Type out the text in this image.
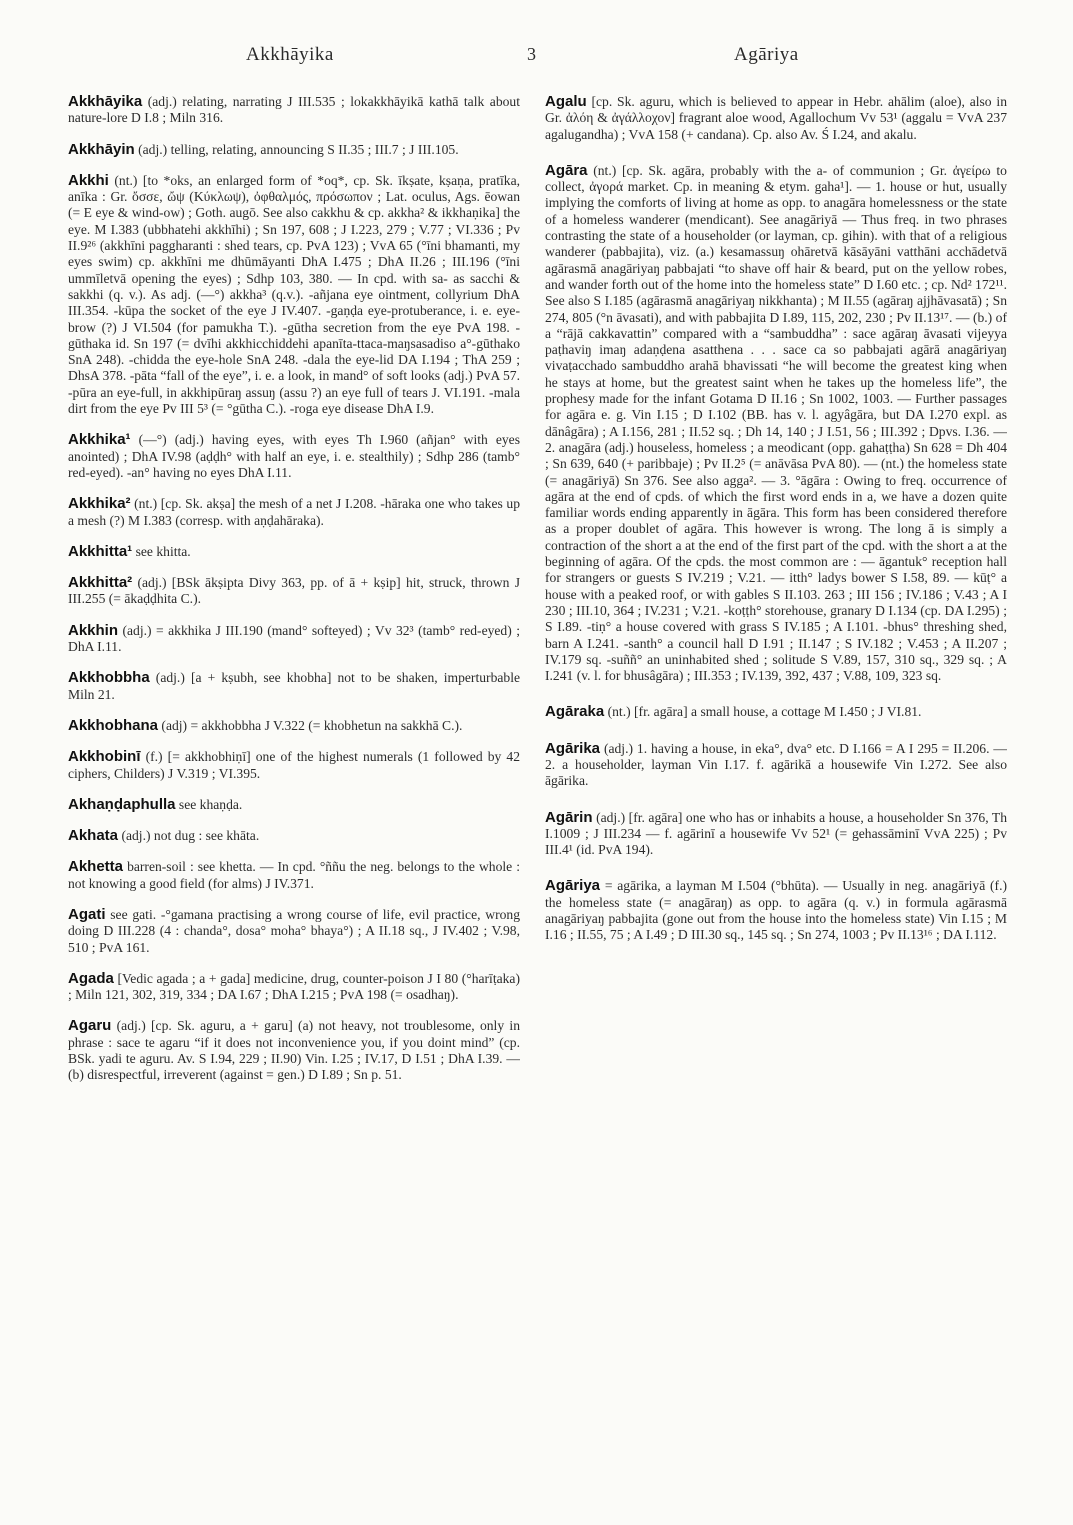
Akkhāyika	3	Agāriya

Akkhāyika (adj.) relating, narrating J III.535 ; lokakkhāyikā kathā talk about nature-lore D I.8 ; Miln 316.

Akkhāyin (adj.) telling, relating, announcing S II.35 ; III.7 ; J III.105.

Akkhi (nt.) [to *oks, an enlarged form of *oq*, cp. Sk. īkṣate, kṣaṇa, pratīka, anīka : Gr. ὄσσε, ὤψ (Κύκλωψ), ὀφθαλμός, πρόσωπον ; Lat. oculus, Ags. ēowan (= E eye & wind-ow) ; Goth. augō. See also cakkhu & cp. akkha² & ikkhaṇika] the eye. M I.383 (ubbhatehi akkhīhi) ; Sn 197, 608 ; J I.223, 279 ; V.77 ; VI.336 ; Pv II.9²⁶ (akkhīni paggharanti : shed tears, cp. PvA 123) ; VvA 65 (°īni bhamanti, my eyes swim) cp. akkhīni me dhūmāyanti DhA I.475 ; DhA II.26 ; III.196 (°īni ummīletvā opening the eyes) ; Sdhp 103, 380. — In cpd. with sa- as sacchi & sakkhi (q. v.). As adj. (—°) akkha³ (q.v.). -añjana eye ointment, collyrium DhA III.354. -kūpa the socket of the eye J IV.407. -gaṇḍa eye-protuberance, i. e. eye-brow (?) J VI.504 (for pamukha T.). -gūtha secretion from the eye PvA 198. -gūthaka id. Sn 197 (= dvīhi akkhicchiddehi apanīta-ttaca-maŋsasadiso a°-gūthako SnA 248). -chidda the eye-hole SnA 248. -dala the eye-lid DA I.194 ; ThA 259 ; DhsA 378. -pāta “fall of the eye”, i. e. a look, in mand° of soft looks (adj.) PvA 57. -pūra an eye-full, in akkhipūraŋ assuŋ (assu ?) an eye full of tears J. VI.191. -mala dirt from the eye Pv III 5³ (= °gūtha C.). -roga eye disease DhA I.9.

Akkhika¹ (—°) (adj.) having eyes, with eyes Th I.960 (añjan° with eyes anointed) ; DhA IV.98 (aḍḍh° with half an eye, i. e. stealthily) ; Sdhp 286 (tamb° red-eyed). -an° having no eyes DhA I.11.

Akkhika² (nt.) [cp. Sk. akṣa] the mesh of a net J I.208. -hāraka one who takes up a mesh (?) M I.383 (corresp. with aṇḍahāraka).

Akkhitta¹ see khitta.

Akkhitta² (adj.) [BSk ākṣipta Divy 363, pp. of ā + kṣip] hit, struck, thrown J III.255 (= ākaḍḍhita C.).

Akkhin (adj.) = akkhika J III.190 (mand° softeyed) ; Vv 32³ (tamb° red-eyed) ; DhA I.11.

Akkhobbha (adj.) [a + kṣubh, see khobha] not to be shaken, imperturbable Miln 21.

Akkhobhana (adj) = akkhobbha J V.322 (= khobhetun na sakkhā C.).

Akkhobinī (f.) [= akkhobhiṇī] one of the highest numerals (1 followed by 42 ciphers, Childers) J V.319 ; VI.395.

Akhaṇḍaphulla see khaṇḍa.

Akhata (adj.) not dug : see khāta.

Akhetta barren-soil : see khetta. — In cpd. °ññu the neg. belongs to the whole : not knowing a good field (for alms) J IV.371.

Agati see gati. -°gamana practising a wrong course of life, evil practice, wrong doing D III.228 (4 : chanda°, dosa° moha° bhaya°) ; A II.18 sq., J IV.402 ; V.98, 510 ; PvA 161.

Agada [Vedic agada ; a + gada] medicine, drug, counter-poison J I 80 (°harīṭaka) ; Miln 121, 302, 319, 334 ; DA I.67 ; DhA I.215 ; PvA 198 (= osadhaŋ).

Agaru (adj.) [cp. Sk. aguru, a + garu] (a) not heavy, not troublesome, only in phrase : sace te agaru “if it does not inconvenience you, if you doint mind” (cp. BSk. yadi te aguru. Av. S I.94, 229 ; II.90) Vin. I.25 ; IV.17, D I.51 ; DhA I.39. — (b) disrespectful, irreverent (against = gen.) D I.89 ; Sn p. 51.

Agalu [cp. Sk. aguru, which is believed to appear in Hebr. ahālim (aloe), also in Gr. ἀλόη & ἀγάλλοχον] fragrant aloe wood, Agallochum Vv 53¹ (aggalu = VvA 237 agalugandha) ; VvA 158 (+ candana). Cp. also Av. Ś I.24, and akalu.

Agāra (nt.) [cp. Sk. agāra, probably with the a- of communion ; Gr. ἀγείρω to collect, ἀγορά market. Cp. in meaning & etym. gaha¹]. — 1. house or hut, usually implying the comforts of living at home as opp. to anagāra homelessness or the state of a homeless wanderer (mendicant). See anagāriyā — Thus freq. in two phrases contrasting the state of a householder (or layman, cp. gihin). with that of a religious wanderer (pabbajita), viz. (a.) kesamassuŋ ohāretvā kāsāyāni vatthāni acchādetvā agārasmā anagāriyaŋ pabbajati “to shave off hair & beard, put on the yellow robes, and wander forth out of the home into the homeless state” D I.60 etc. ; cp. Nd² 172¹¹. See also S I.185 (agārasmā anagāriyaŋ nikkhanta) ; M II.55 (agāraŋ ajjhāvasatā) ; Sn 274, 805 (°n āvasati), and with pabbajita D I.89, 115, 202, 230 ; Pv II.13¹⁷. — (b.) of a “rājā cakkavattin” compared with a “sambuddha” : sace agāraŋ āvasati vijeyya paṭhaviŋ imaŋ adaṇḍena asatthena . . . sace ca so pabbajati agārā anagāriyaŋ vivaṭacchado sambuddho arahā bhavissati “he will become the greatest king when he stays at home, but the greatest saint when he takes up the homeless life”, the prophesy made for the infant Gotama D II.16 ; Sn 1002, 1003. — Further passages for agāra e. g. Vin I.15 ; D I.102 (BB. has v. l. agyâgāra, but DA I.270 expl. as dānâgāra) ; A I.156, 281 ; II.52 sq. ; Dh 14, 140 ; J I.51, 56 ; III.392 ; Dpvs. I.36. — 2. anagāra (adj.) houseless, homeless ; a meodicant (opp. gahaṭṭha) Sn 628 = Dh 404 ; Sn 639, 640 (+ paribbaje) ; Pv II.2⁵ (= anāvāsa PvA 80). — (nt.) the homeless state (= anagāriyā) Sn 376. See also agga². — 3. °āgāra : Owing to freq. occurrence of agāra at the end of cpds. of which the first word ends in a, we have a dozen quite familiar words ending apparently in āgāra. This form has been considered therefore as a proper doublet of agāra. This however is wrong. The long ā is simply a contraction of the short a at the end of the first part of the cpd. with the short a at the beginning of agāra. Of the cpds. the most common are : — āgantuk° reception hall for strangers or guests S IV.219 ; V.21. — itth° ladys bower S I.58, 89. — kūṭ° a house with a peaked roof, or with gables S II.103. 263 ; III 156 ; IV.186 ; V.43 ; A I 230 ; III.10, 364 ; IV.231 ; V.21. -koṭṭh° storehouse, granary D I.134 (cp. DA I.295) ; S I.89. -tiṇ° a house covered with grass S IV.185 ; A I.101. -bhus° threshing shed, barn A I.241. -santh° a council hall D I.91 ; II.147 ; S IV.182 ; V.453 ; A II.207 ; IV.179 sq. -suññ° an uninhabited shed ; solitude S V.89, 157, 310 sq., 329 sq. ; A I.241 (v. l. for bhusâgāra) ; III.353 ; IV.139, 392, 437 ; V.88, 109, 323 sq.

Agāraka (nt.) [fr. agāra] a small house, a cottage M I.450 ; J VI.81.

Agārika (adj.) 1. having a house, in eka°, dva° etc. D I.166 = A I 295 = II.206. — 2. a householder, layman Vin I.17. f. agārikā a housewife Vin I.272. See also āgārika.

Agārin (adj.) [fr. agāra] one who has or inhabits a house, a householder Sn 376, Th I.1009 ; J III.234 — f. agārinī a housewife Vv 52¹ (= gehassāminī VvA 225) ; Pv III.4¹ (id. PvA 194).

Agāriya = agārika, a layman M I.504 (°bhūta). — Usually in neg. anagāriyā (f.) the homeless state (= anagāraŋ) as opp. to agāra (q. v.) in formula agārasmā anagāriyaŋ pabbajita (gone out from the house into the homeless state) Vin I.15 ; M I.16 ; II.55, 75 ; A I.49 ; D III.30 sq., 145 sq. ; Sn 274, 1003 ; Pv II.13¹⁶ ; DA I.112.
